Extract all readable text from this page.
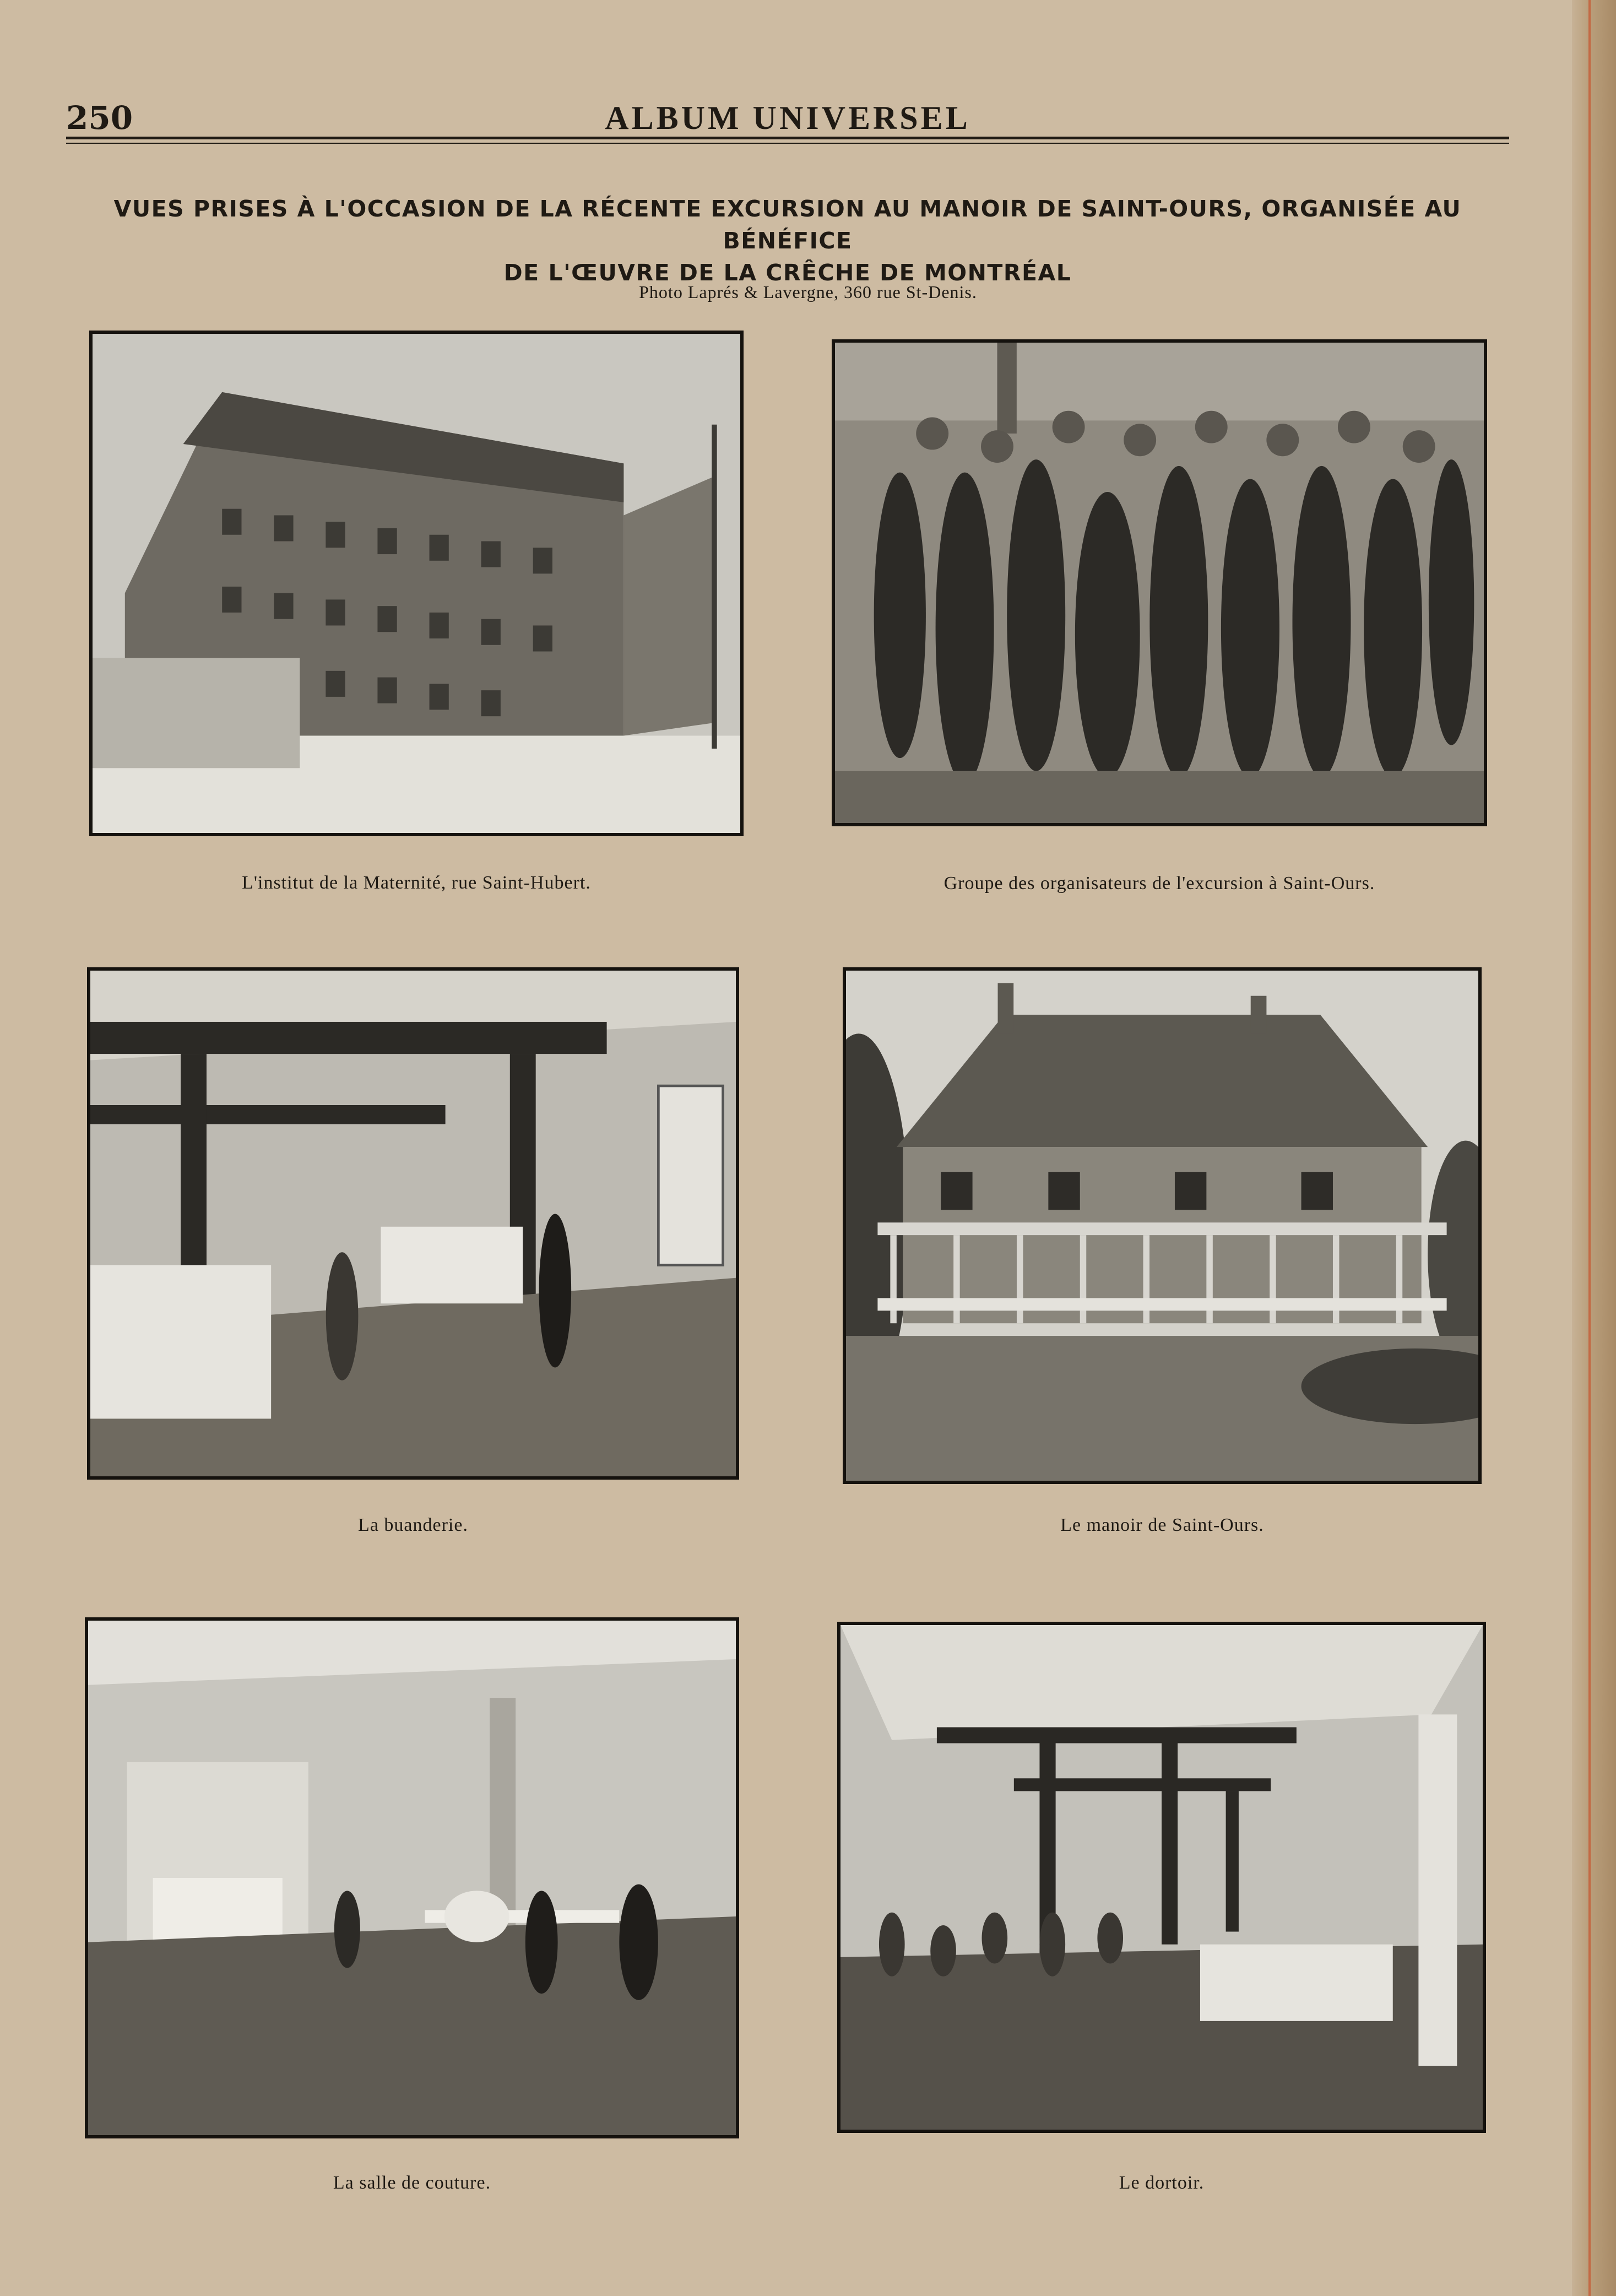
250	ALBUM UNIVERSEL
VUES PRISES À L'OCCASION DE LA RÉCENTE EXCURSION AU MANOIR DE SAINT-OURS, ORGANISÉE AU BÉNÉFICE
DE L'ŒUVRE DE LA CRÊCHE DE MONTRÉAL
Photo Laprés & Lavergne, 360 rue St-Denis.
L'institut de la Maternité, rue Saint-Hubert.	Groupe des organisateurs de l'excursion à Saint-Ours.
La buanderie.	Le manoir de Saint-Ours.
La salle de couture.	Le dortoir.
